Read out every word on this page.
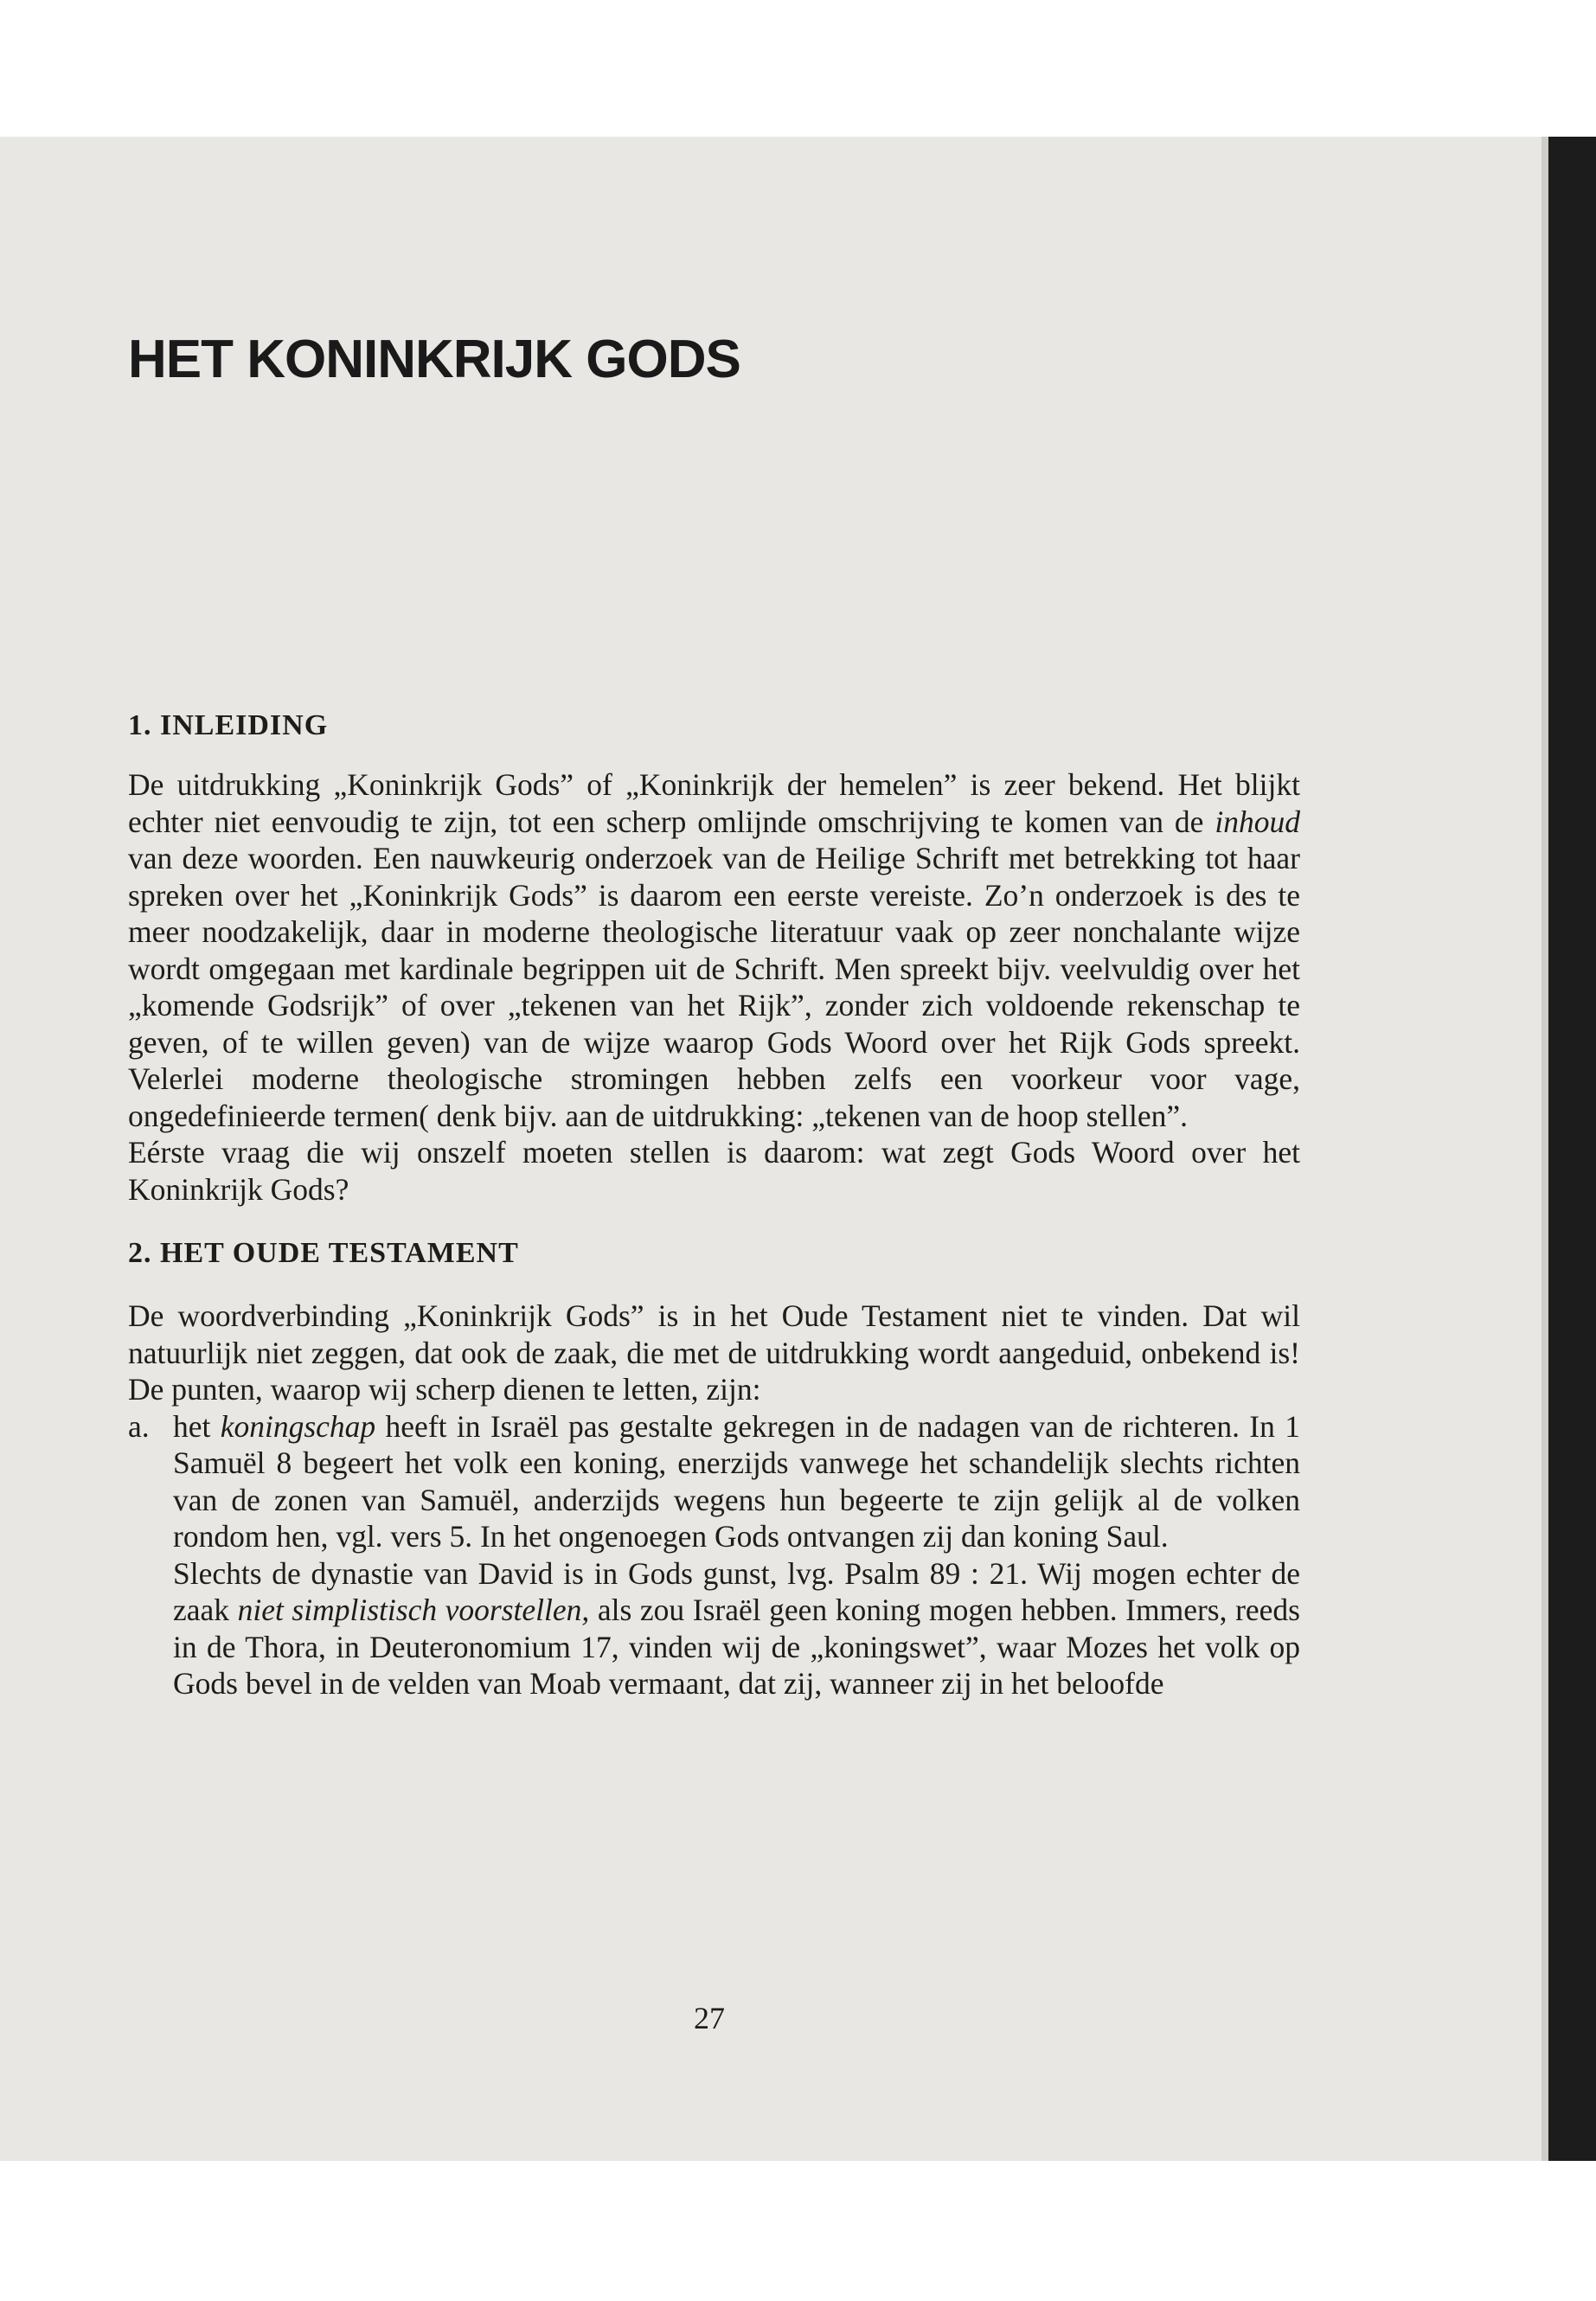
HET KONINKRIJK GODS
1. INLEIDING

De uitdrukking „Koninkrijk Gods” of „Koninkrijk der hemelen” is zeer bekend. Het blijkt echter niet eenvoudig te zijn, tot een scherp omlijnde omschrijving te komen van de inhoud van deze woorden. Een nauwkeurig onderzoek van de Heilige Schrift met betrekking tot haar spreken over het „Koninkrijk Gods” is daarom een eerste vereiste. Zo’n onderzoek is des te meer noodzakelijk, daar in moderne theologische literatuur vaak op zeer nonchalante wijze wordt omgegaan met kardinale begrippen uit de Schrift. Men spreekt bijv. veelvuldig over het „komende Godsrijk” of over „tekenen van het Rijk”, zonder zich voldoende rekenschap te geven, of te willen geven) van de wijze waarop Gods Woord over het Rijk Gods spreekt. Velerlei moderne theologische stromingen hebben zelfs een voorkeur voor vage, ongedefinieerde termen( denk bijv. aan de uitdrukking: „tekenen van de hoop stellen”.

Eérste vraag die wij onszelf moeten stellen is daarom: wat zegt Gods Woord over het Koninkrijk Gods?

2. HET OUDE TESTAMENT

De woordverbinding „Koninkrijk Gods” is in het Oude Testament niet te vinden. Dat wil natuurlijk niet zeggen, dat ook de zaak, die met de uitdrukking wordt aangeduid, onbekend is! De punten, waarop wij scherp dienen te letten, zijn:

a. het koningschap heeft in Israël pas gestalte gekregen in de nadagen van de richteren. In 1 Samuël 8 begeert het volk een koning, enerzijds vanwege het schandelijk slechts richten van de zonen van Samuël, anderzijds wegens hun begeerte te zijn gelijk al de volken rondom hen, vgl. vers 5. In het ongenoegen Gods ontvangen zij dan koning Saul.

Slechts de dynastie van David is in Gods gunst, lvg. Psalm 89 : 21. Wij mogen echter de zaak niet simplistisch voorstellen, als zou Israël geen koning mogen hebben. Immers, reeds in de Thora, in Deuteronomium 17, vinden wij de „koningswet”, waar Mozes het volk op Gods bevel in de velden van Moab vermaant, dat zij, wanneer zij in het beloofde

27
